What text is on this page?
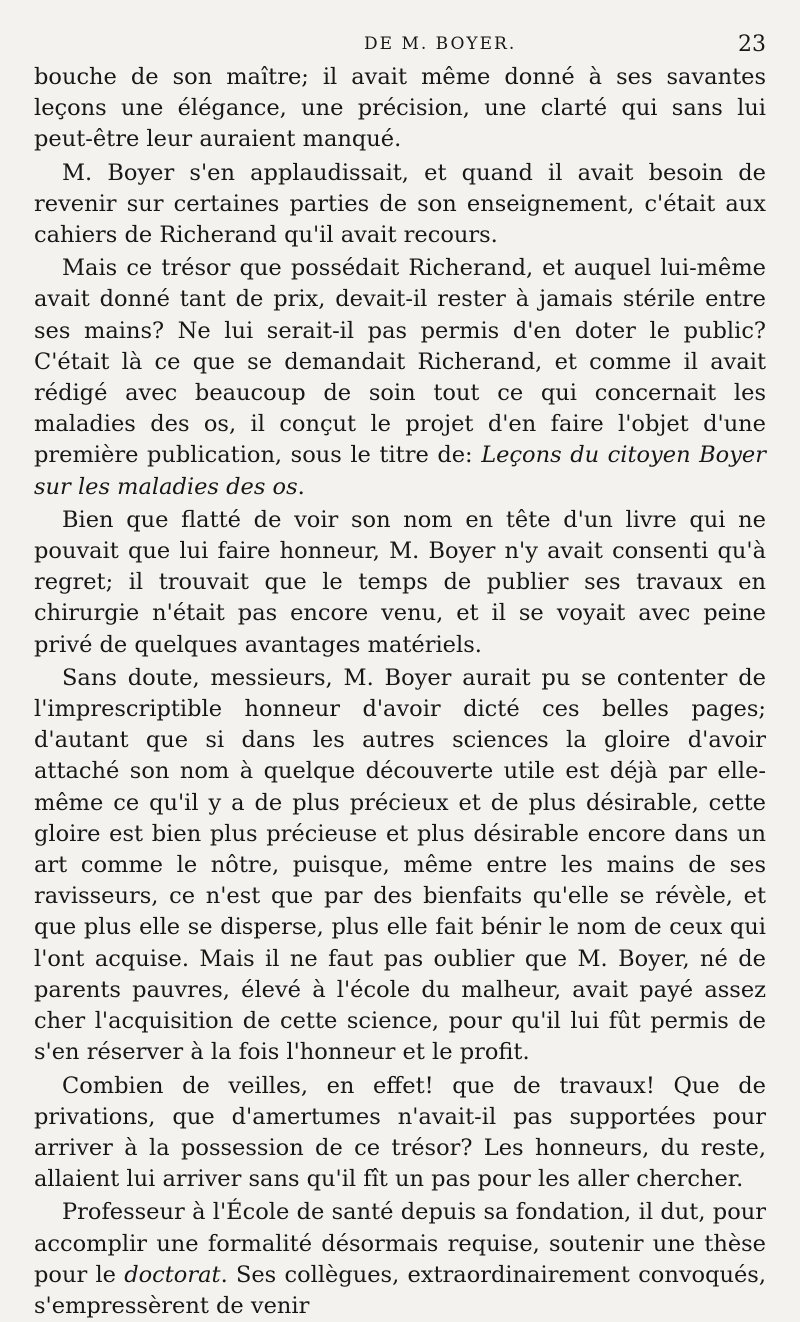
DE M. BOYER.	23

bouche de son maître; il avait même donné à ses savantes leçons une élégance, une précision, une clarté qui sans lui peut-être leur auraient manqué.

M. Boyer s'en applaudissait, et quand il avait besoin de revenir sur certaines parties de son enseignement, c'était aux cahiers de Richerand qu'il avait recours.

Mais ce trésor que possédait Richerand, et auquel lui-même avait donné tant de prix, devait-il rester à jamais stérile entre ses mains? Ne lui serait-il pas permis d'en doter le public? C'était là ce que se demandait Richerand, et comme il avait rédigé avec beaucoup de soin tout ce qui concernait les maladies des os, il conçut le projet d'en faire l'objet d'une première publication, sous le titre de: Leçons du citoyen Boyer sur les maladies des os.

Bien que flatté de voir son nom en tête d'un livre qui ne pouvait que lui faire honneur, M. Boyer n'y avait consenti qu'à regret; il trouvait que le temps de publier ses travaux en chirurgie n'était pas encore venu, et il se voyait avec peine privé de quelques avantages matériels.

Sans doute, messieurs, M. Boyer aurait pu se contenter de l'imprescriptible honneur d'avoir dicté ces belles pages; d'autant que si dans les autres sciences la gloire d'avoir attaché son nom à quelque découverte utile est déjà par elle-même ce qu'il y a de plus précieux et de plus désirable, cette gloire est bien plus précieuse et plus désirable encore dans un art comme le nôtre, puisque, même entre les mains de ses ravisseurs, ce n'est que par des bienfaits qu'elle se révèle, et que plus elle se disperse, plus elle fait bénir le nom de ceux qui l'ont acquise. Mais il ne faut pas oublier que M. Boyer, né de parents pauvres, élevé à l'école du malheur, avait payé assez cher l'acquisition de cette science, pour qu'il lui fût permis de s'en réserver à la fois l'honneur et le profit.

Combien de veilles, en effet! que de travaux! Que de privations, que d'amertumes n'avait-il pas supportées pour arriver à la possession de ce trésor? Les honneurs, du reste, allaient lui arriver sans qu'il fît un pas pour les aller chercher.

Professeur à l'École de santé depuis sa fondation, il dut, pour accomplir une formalité désormais requise, soutenir une thèse pour le doctorat. Ses collègues, extraordinairement convoqués, s'empressèrent de venir
